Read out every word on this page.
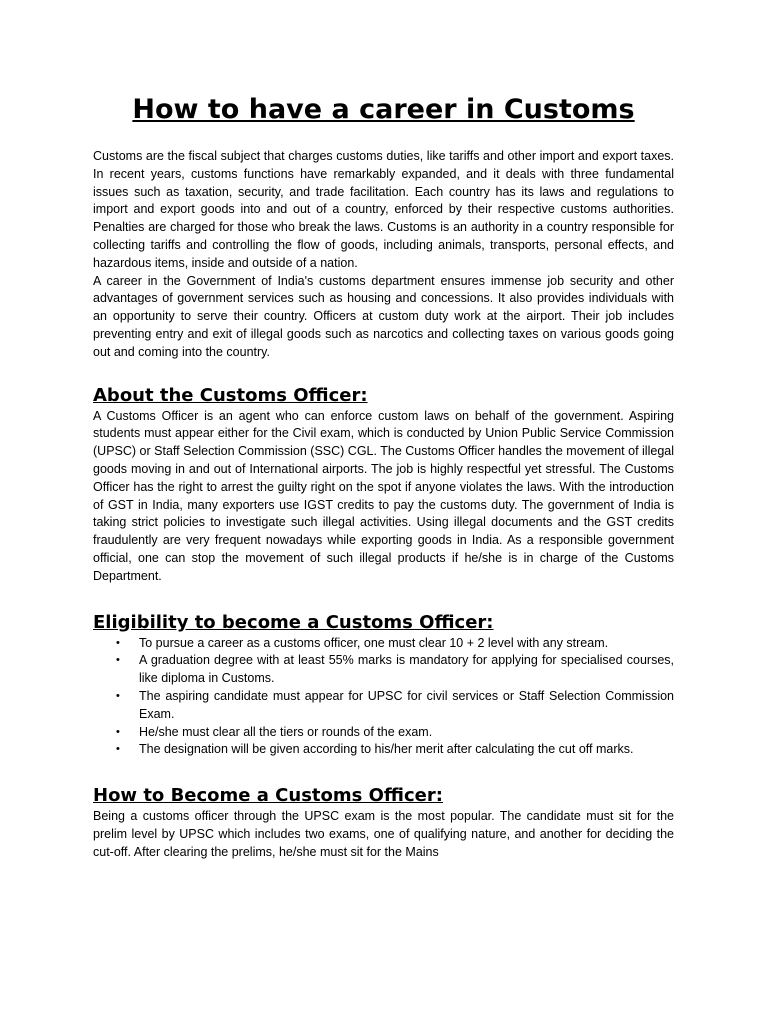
How to have a career in Customs

Customs are the fiscal subject that charges customs duties, like tariffs and other import and export taxes. In recent years, customs functions have remarkably expanded, and it deals with three fundamental issues such as taxation, security, and trade facilitation. Each country has its laws and regulations to import and export goods into and out of a country, enforced by their respective customs authorities. Penalties are charged for those who break the laws. Customs is an authority in a country responsible for collecting tariffs and controlling the flow of goods, including animals, transports, personal effects, and hazardous items, inside and outside of a nation.

A career in the Government of India's customs department ensures immense job security and other advantages of government services such as housing and concessions. It also provides individuals with an opportunity to serve their country. Officers at custom duty work at the airport. Their job includes preventing entry and exit of illegal goods such as narcotics and collecting taxes on various goods going out and coming into the country.

About the Customs Officer:

A Customs Officer is an agent who can enforce custom laws on behalf of the government. Aspiring students must appear either for the Civil exam, which is conducted by Union Public Service Commission (UPSC) or Staff Selection Commission (SSC) CGL. The Customs Officer handles the movement of illegal goods moving in and out of International airports. The job is highly respectful yet stressful. The Customs Officer has the right to arrest the guilty right on the spot if anyone violates the laws. With the introduction of GST in India, many exporters use IGST credits to pay the customs duty. The government of India is taking strict policies to investigate such illegal activities. Using illegal documents and the GST credits fraudulently are very frequent nowadays while exporting goods in India. As a responsible government official, one can stop the movement of such illegal products if he/she is in charge of the Customs Department.

Eligibility to become a Customs Officer:
• To pursue a career as a customs officer, one must clear 10 + 2 level with any stream.
• A graduation degree with at least 55% marks is mandatory for applying for specialised courses, like diploma in Customs.
• The aspiring candidate must appear for UPSC for civil services or Staff Selection Commission Exam.
• He/she must clear all the tiers or rounds of the exam.
• The designation will be given according to his/her merit after calculating the cut off marks.
How to Become a Customs Officer:

Being a customs officer through the UPSC exam is the most popular. The candidate must sit for the prelim level by UPSC which includes two exams, one of qualifying nature, and another for deciding the cut-off. After clearing the prelims, he/she must sit for the Mains
